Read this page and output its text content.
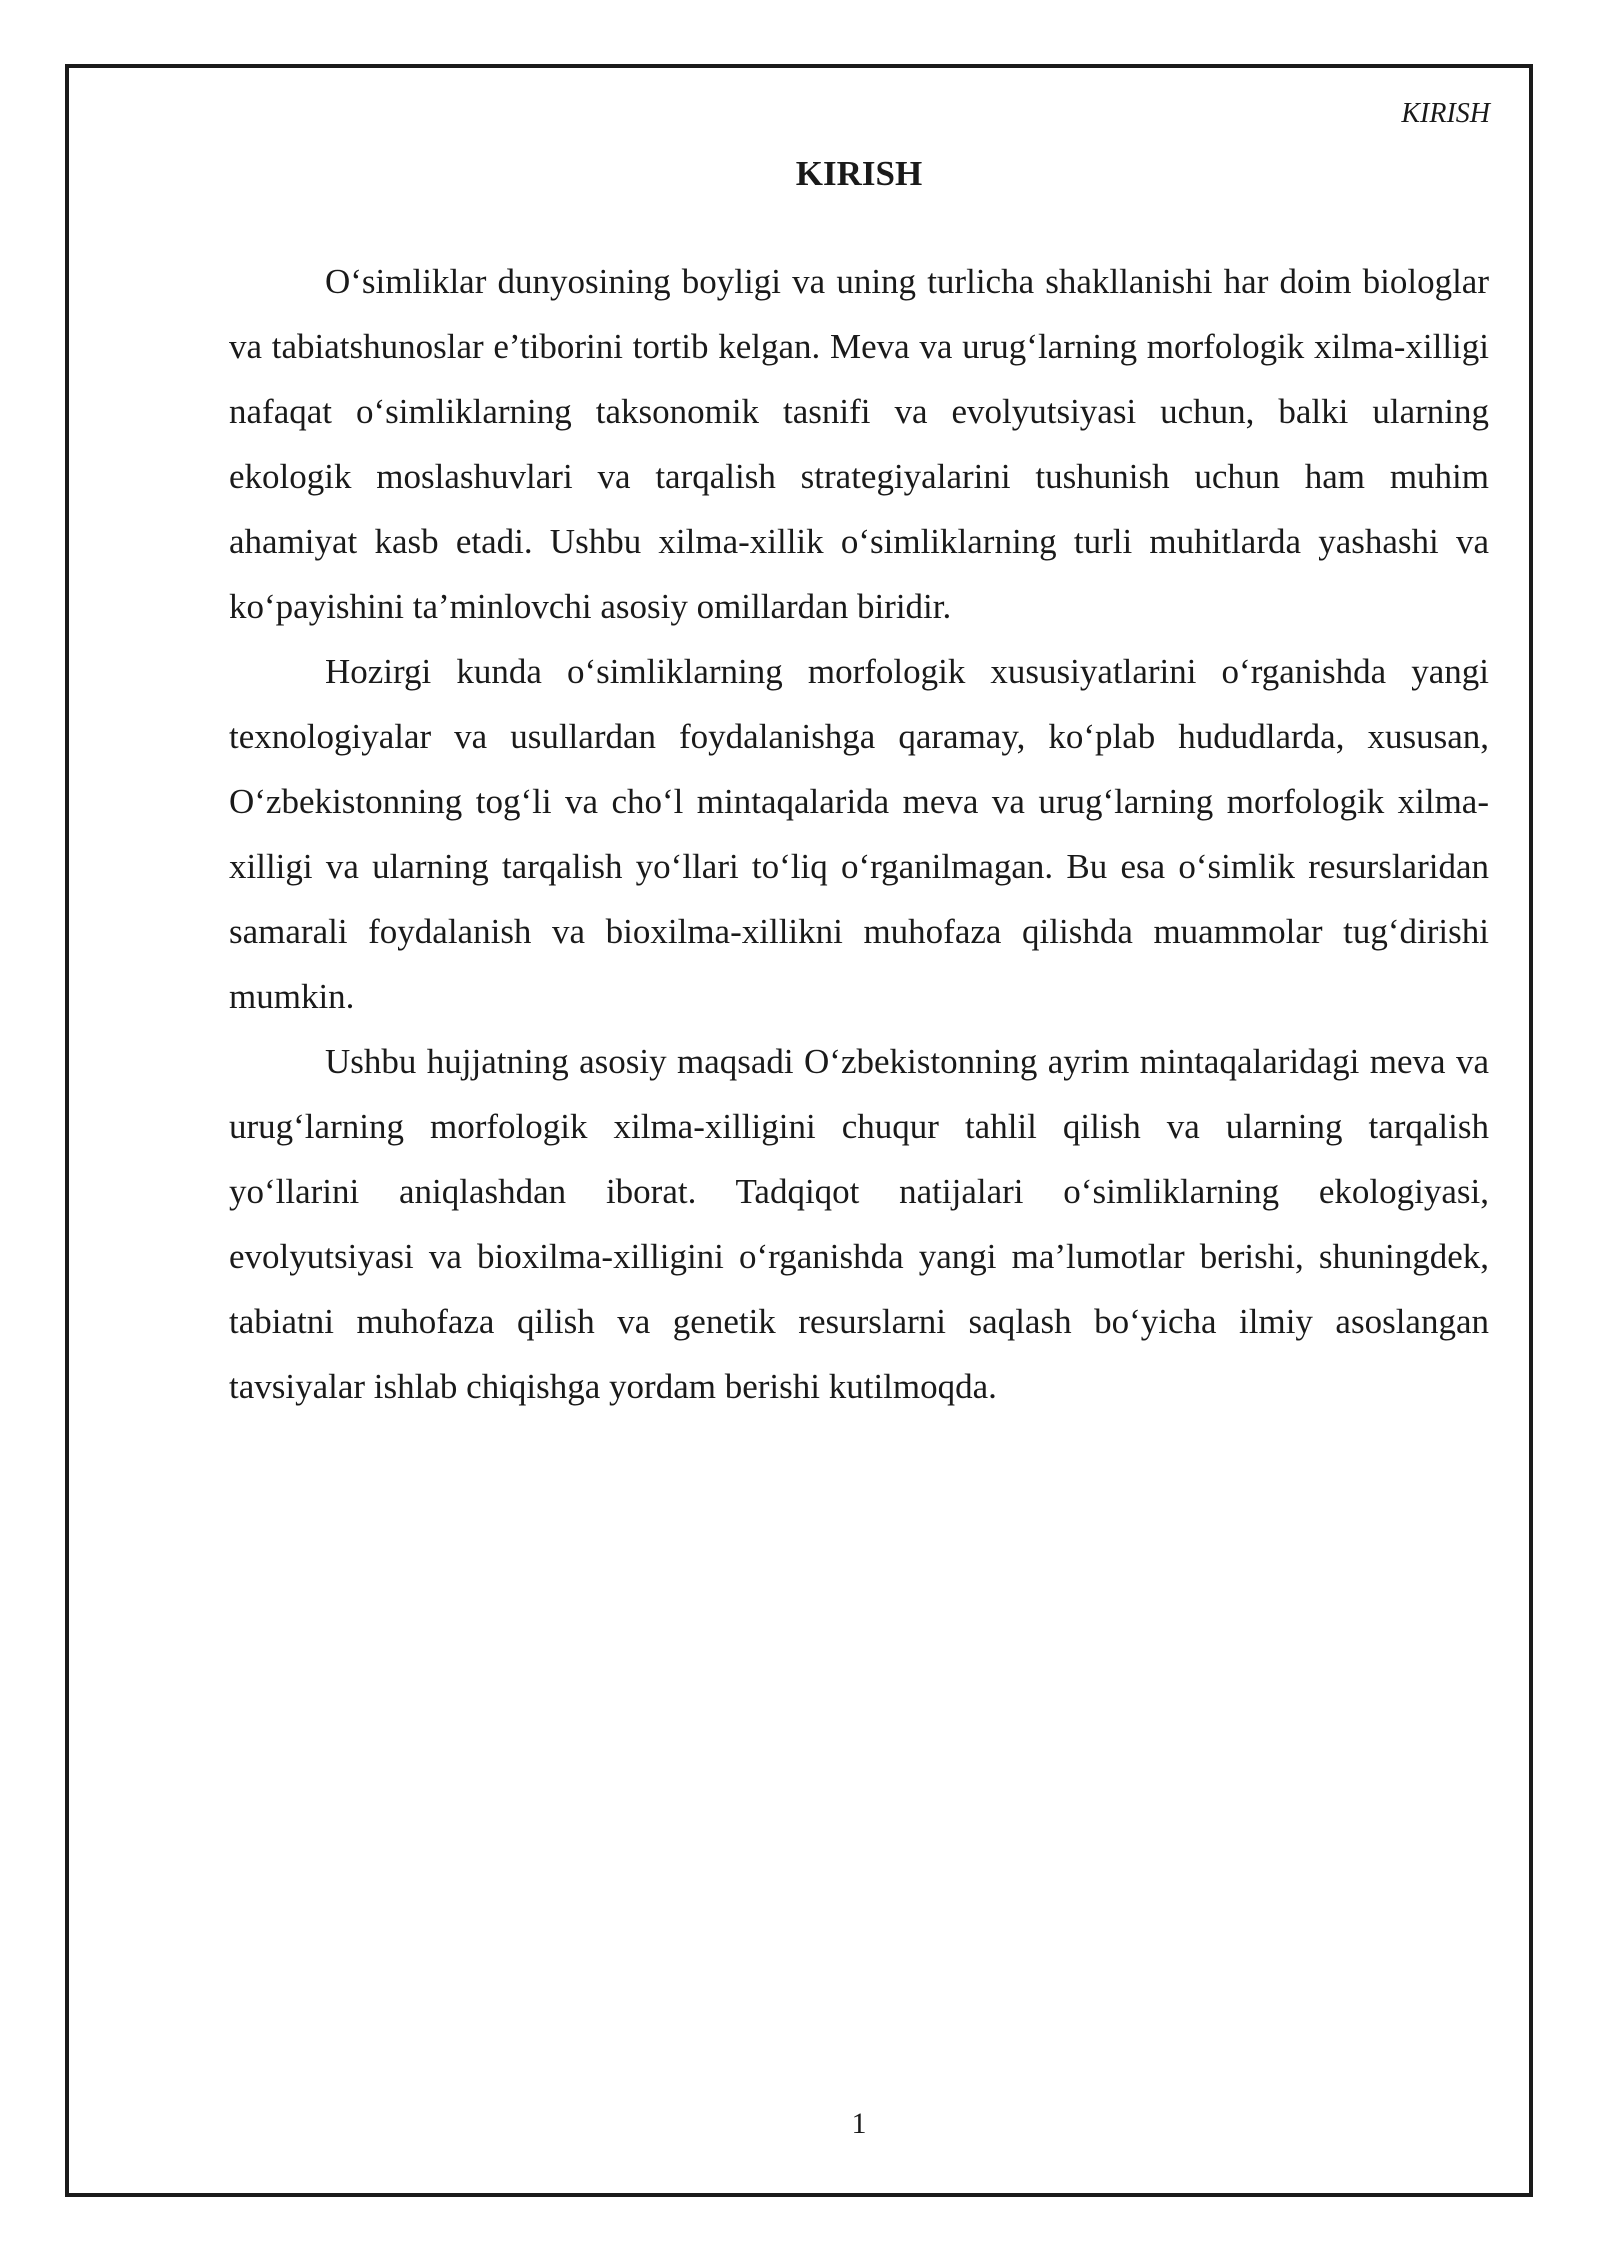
KIRISH
KIRISH

O‘simliklar dunyosining boyligi va uning turlicha shakllanishi har doim biologlar va tabiatshunoslar e’tiborini tortib kelgan. Meva va urug‘larning morfologik xilma-xilligi nafaqat o‘simliklarning taksonomik tasnifi va evolyutsiyasi uchun, balki ularning ekologik moslashuvlari va tarqalish strategiyalarini tushunish uchun ham muhim ahamiyat kasb etadi. Ushbu xilma-xillik o‘simliklarning turli muhitlarda yashashi va ko‘payishini ta’minlovchi asosiy omillardan biridir.

Hozirgi kunda o‘simliklarning morfologik xususiyatlarini o‘rganishda yangi texnologiyalar va usullardan foydalanishga qaramay, ko‘plab hududlarda, xususan, O‘zbekistonning tog‘li va cho‘l mintaqalarida meva va urug‘larning morfologik xilma-xilligi va ularning tarqalish yo‘llari to‘liq o‘rganilmagan. Bu esa o‘simlik resurslaridan samarali foydalanish va bioxilma-xillikni muhofaza qilishda muammolar tug‘dirishi mumkin.

Ushbu hujjatning asosiy maqsadi O‘zbekistonning ayrim mintaqalaridagi meva va urug‘larning morfologik xilma-xilligini chuqur tahlil qilish va ularning tarqalish yo‘llarini aniqlashdan iborat. Tadqiqot natijalari o‘simliklarning ekologiyasi, evolyutsiyasi va bioxilma-xilligini o‘rganishda yangi ma’lumotlar berishi, shuningdek, tabiatni muhofaza qilish va genetik resurslarni saqlash bo‘yicha ilmiy asoslangan tavsiyalar ishlab chiqishga yordam berishi kutilmoqda.

1
